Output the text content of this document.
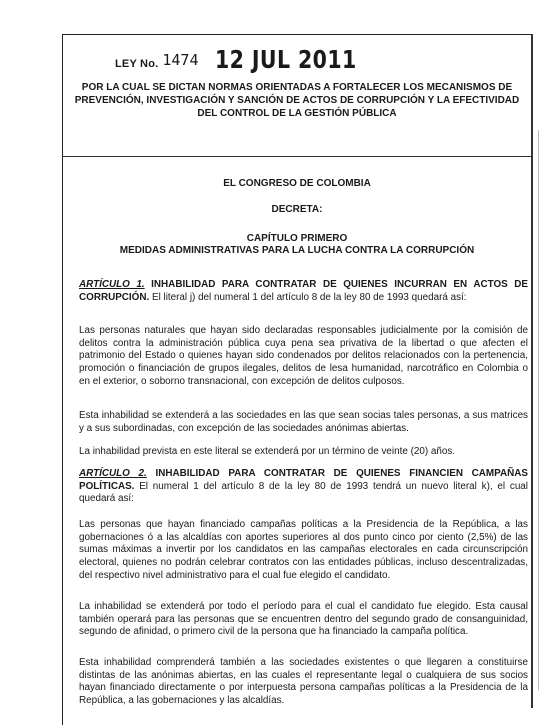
LEY No. 1474 12 JUL 2011
POR LA CUAL SE DICTAN NORMAS ORIENTADAS A FORTALECER LOS MECANISMOS DE PREVENCIÓN, INVESTIGACIÓN Y SANCIÓN DE ACTOS DE CORRUPCIÓN Y LA EFECTIVIDAD DEL CONTROL DE LA GESTIÓN PÚBLICA
EL CONGRESO DE COLOMBIA
DECRETA:
CAPÍTULO PRIMERO
MEDIDAS ADMINISTRATIVAS PARA LA LUCHA CONTRA LA CORRUPCIÓN
ARTÍCULO 1. INHABILIDAD PARA CONTRATAR DE QUIENES INCURRAN EN ACTOS DE CORRUPCIÓN. El literal j) del numeral 1 del artículo 8 de la ley 80 de 1993 quedará así:
Las personas naturales que hayan sido declaradas responsables judicialmente por la comisión de delitos contra la administración pública cuya pena sea privativa de la libertad o que afecten el patrimonio del Estado o quienes hayan sido condenados por delitos relacionados con la pertenencia, promoción o financiación de grupos ilegales, delitos de lesa humanidad, narcotráfico en Colombia o en el exterior, o soborno transnacional, con excepción de delitos culposos.
Esta inhabilidad se extenderá a las sociedades en las que sean socias tales personas, a sus matrices y a sus subordinadas, con excepción de las sociedades anónimas abiertas.
La inhabilidad prevista en este literal se extenderá por un término de veinte (20) años.
ARTÍCULO 2. INHABILIDAD PARA CONTRATAR DE QUIENES FINANCIEN CAMPAÑAS POLÍTICAS. El numeral 1 del artículo 8 de la ley 80 de 1993 tendrá un nuevo literal k), el cual quedará así:
Las personas que hayan financiado campañas políticas a la Presidencia de la República, a las gobernaciones ó a las alcaldías con aportes superiores al dos punto cinco por ciento (2,5%) de las sumas máximas a invertir por los candidatos en las campañas electorales en cada circunscripción electoral, quienes no podrán celebrar contratos con las entidades públicas, incluso descentralizadas, del respectivo nivel administrativo para el cual fue elegido el candidato.
La inhabilidad se extenderá por todo el período para el cual el candidato fue elegido. Esta causal también operará para las personas que se encuentren dentro del segundo grado de consanguinidad, segundo de afinidad, o primero civil de la persona que ha financiado la campaña política.
Esta inhabilidad comprenderá también a las sociedades existentes o que llegaren a constituirse distintas de las anónimas abiertas, en las cuales el representante legal o cualquiera de sus socios hayan financiado directamente o por interpuesta persona campañas políticas a la Presidencia de la República, a las gobernaciones y las alcaldías.
